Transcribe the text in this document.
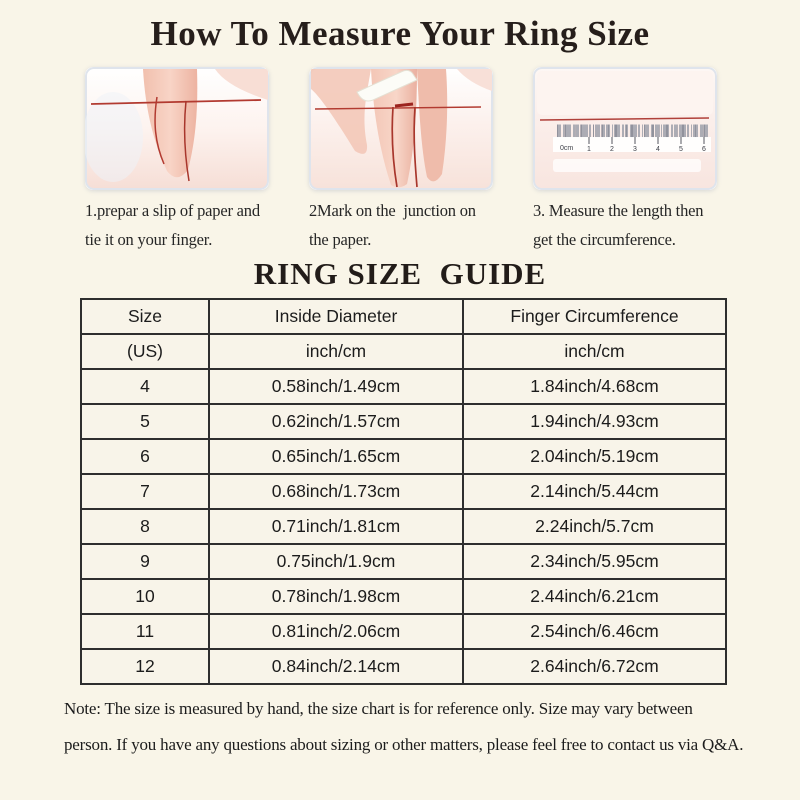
How To Measure Your Ring Size
1.prepar a slip of paper and
tie it on your finger.
2Mark on the  junction on
the paper.
0cm 1	2	3	4	5	6
3. Measure the length then
get the circumference.
RING SIZE  GUIDE
Size	Inside Diameter	Finger Circumference
(US)	inch/cm	inch/cm
4	0.58inch/1.49cm	1.84inch/4.68cm
5	0.62inch/1.57cm	1.94inch/4.93cm
6	0.65inch/1.65cm	2.04inch/5.19cm
7	0.68inch/1.73cm	2.14inch/5.44cm
8	0.71inch/1.81cm	2.24inch/5.7cm
9	0.75inch/1.9cm	2.34inch/5.95cm
10	0.78inch/1.98cm	2.44inch/6.21cm
11	0.81inch/2.06cm	2.54inch/6.46cm
12	0.84inch/2.14cm	2.64inch/6.72cm
Note: The size is measured by hand, the size chart is for reference only. Size may vary between person. If you have any questions about sizing or other matters, please feel free to contact us via Q&A.
